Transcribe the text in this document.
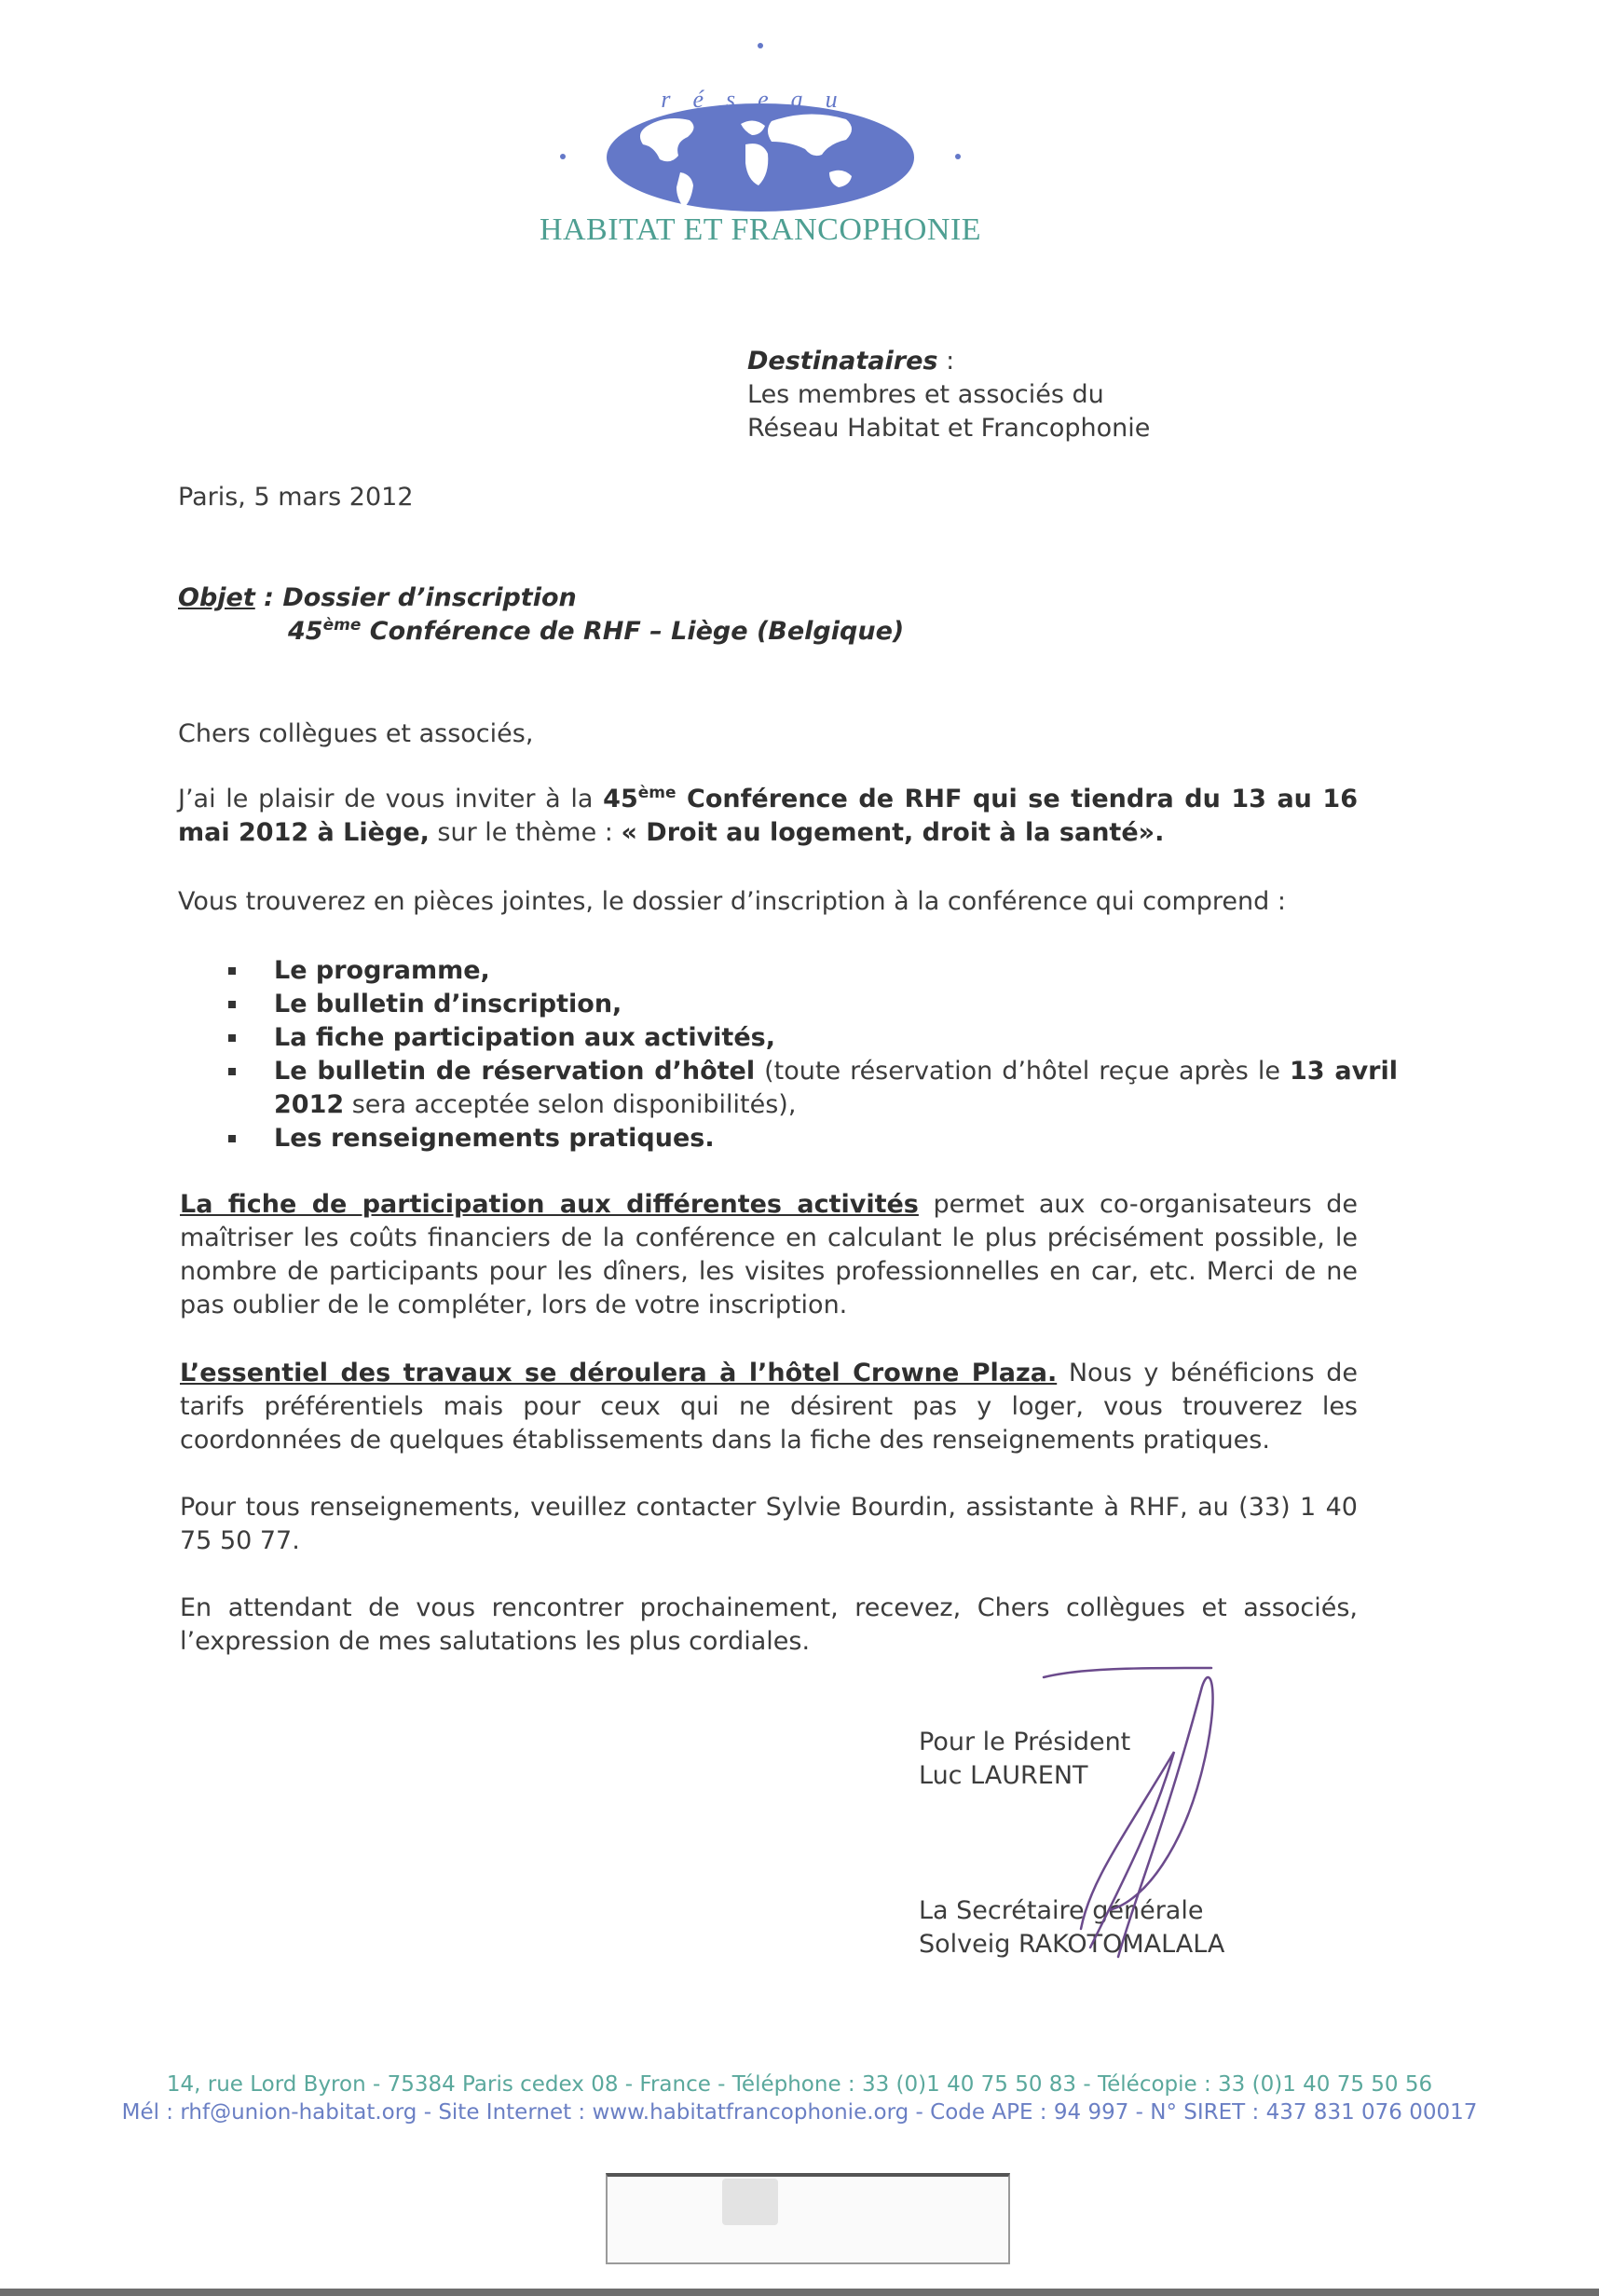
réseau
HABITAT ET FRANCOPHONIE
Destinataires :
Les membres et associés du
Réseau Habitat et Francophonie
Paris, 5 mars 2012
Objet : Dossier d’inscription
45ème Conférence de RHF – Liège (Belgique)
Chers collègues et associés,
J’ai le plaisir de vous inviter à la 45ème Conférence de RHF qui se tiendra du 13 au 16 mai 2012 à Liège, sur le thème : « Droit au logement, droit à la santé».
Vous trouverez en pièces jointes, le dossier d’inscription à la conférence qui comprend :
Le programme,
Le bulletin d’inscription,
La fiche participation aux activités,
Le bulletin de réservation d’hôtel (toute réservation d’hôtel reçue après le 13 avril 2012 sera acceptée selon disponibilités),
Les renseignements pratiques.
La fiche de participation aux différentes activités permet aux co-organisateurs de maîtriser les coûts financiers de la conférence en calculant le plus précisément possible, le nombre de participants pour les dîners, les visites professionnelles en car, etc. Merci de ne pas oublier de le compléter, lors de votre inscription.
L’essentiel des travaux se déroulera à l’hôtel Crowne Plaza. Nous y bénéficions de tarifs préférentiels mais pour ceux qui ne désirent pas y loger, vous trouverez les coordonnées de quelques établissements dans la fiche des renseignements pratiques.
Pour tous renseignements, veuillez contacter Sylvie Bourdin, assistante à RHF, au (33) 1 40 75 50 77.
En attendant de vous rencontrer prochainement, recevez, Chers collègues et associés, l’expression de mes salutations les plus cordiales.
Pour le Président
Luc LAURENT
La Secrétaire générale
Solveig RAKOTOMALALA
14, rue Lord Byron - 75384 Paris cedex 08 - France - Téléphone : 33 (0)1 40 75 50 83 - Télécopie : 33 (0)1 40 75 50 56
Mél : rhf@union-habitat.org - Site Internet : www.habitatfrancophonie.org - Code APE : 94 997 - N° SIRET : 437 831 076 00017
